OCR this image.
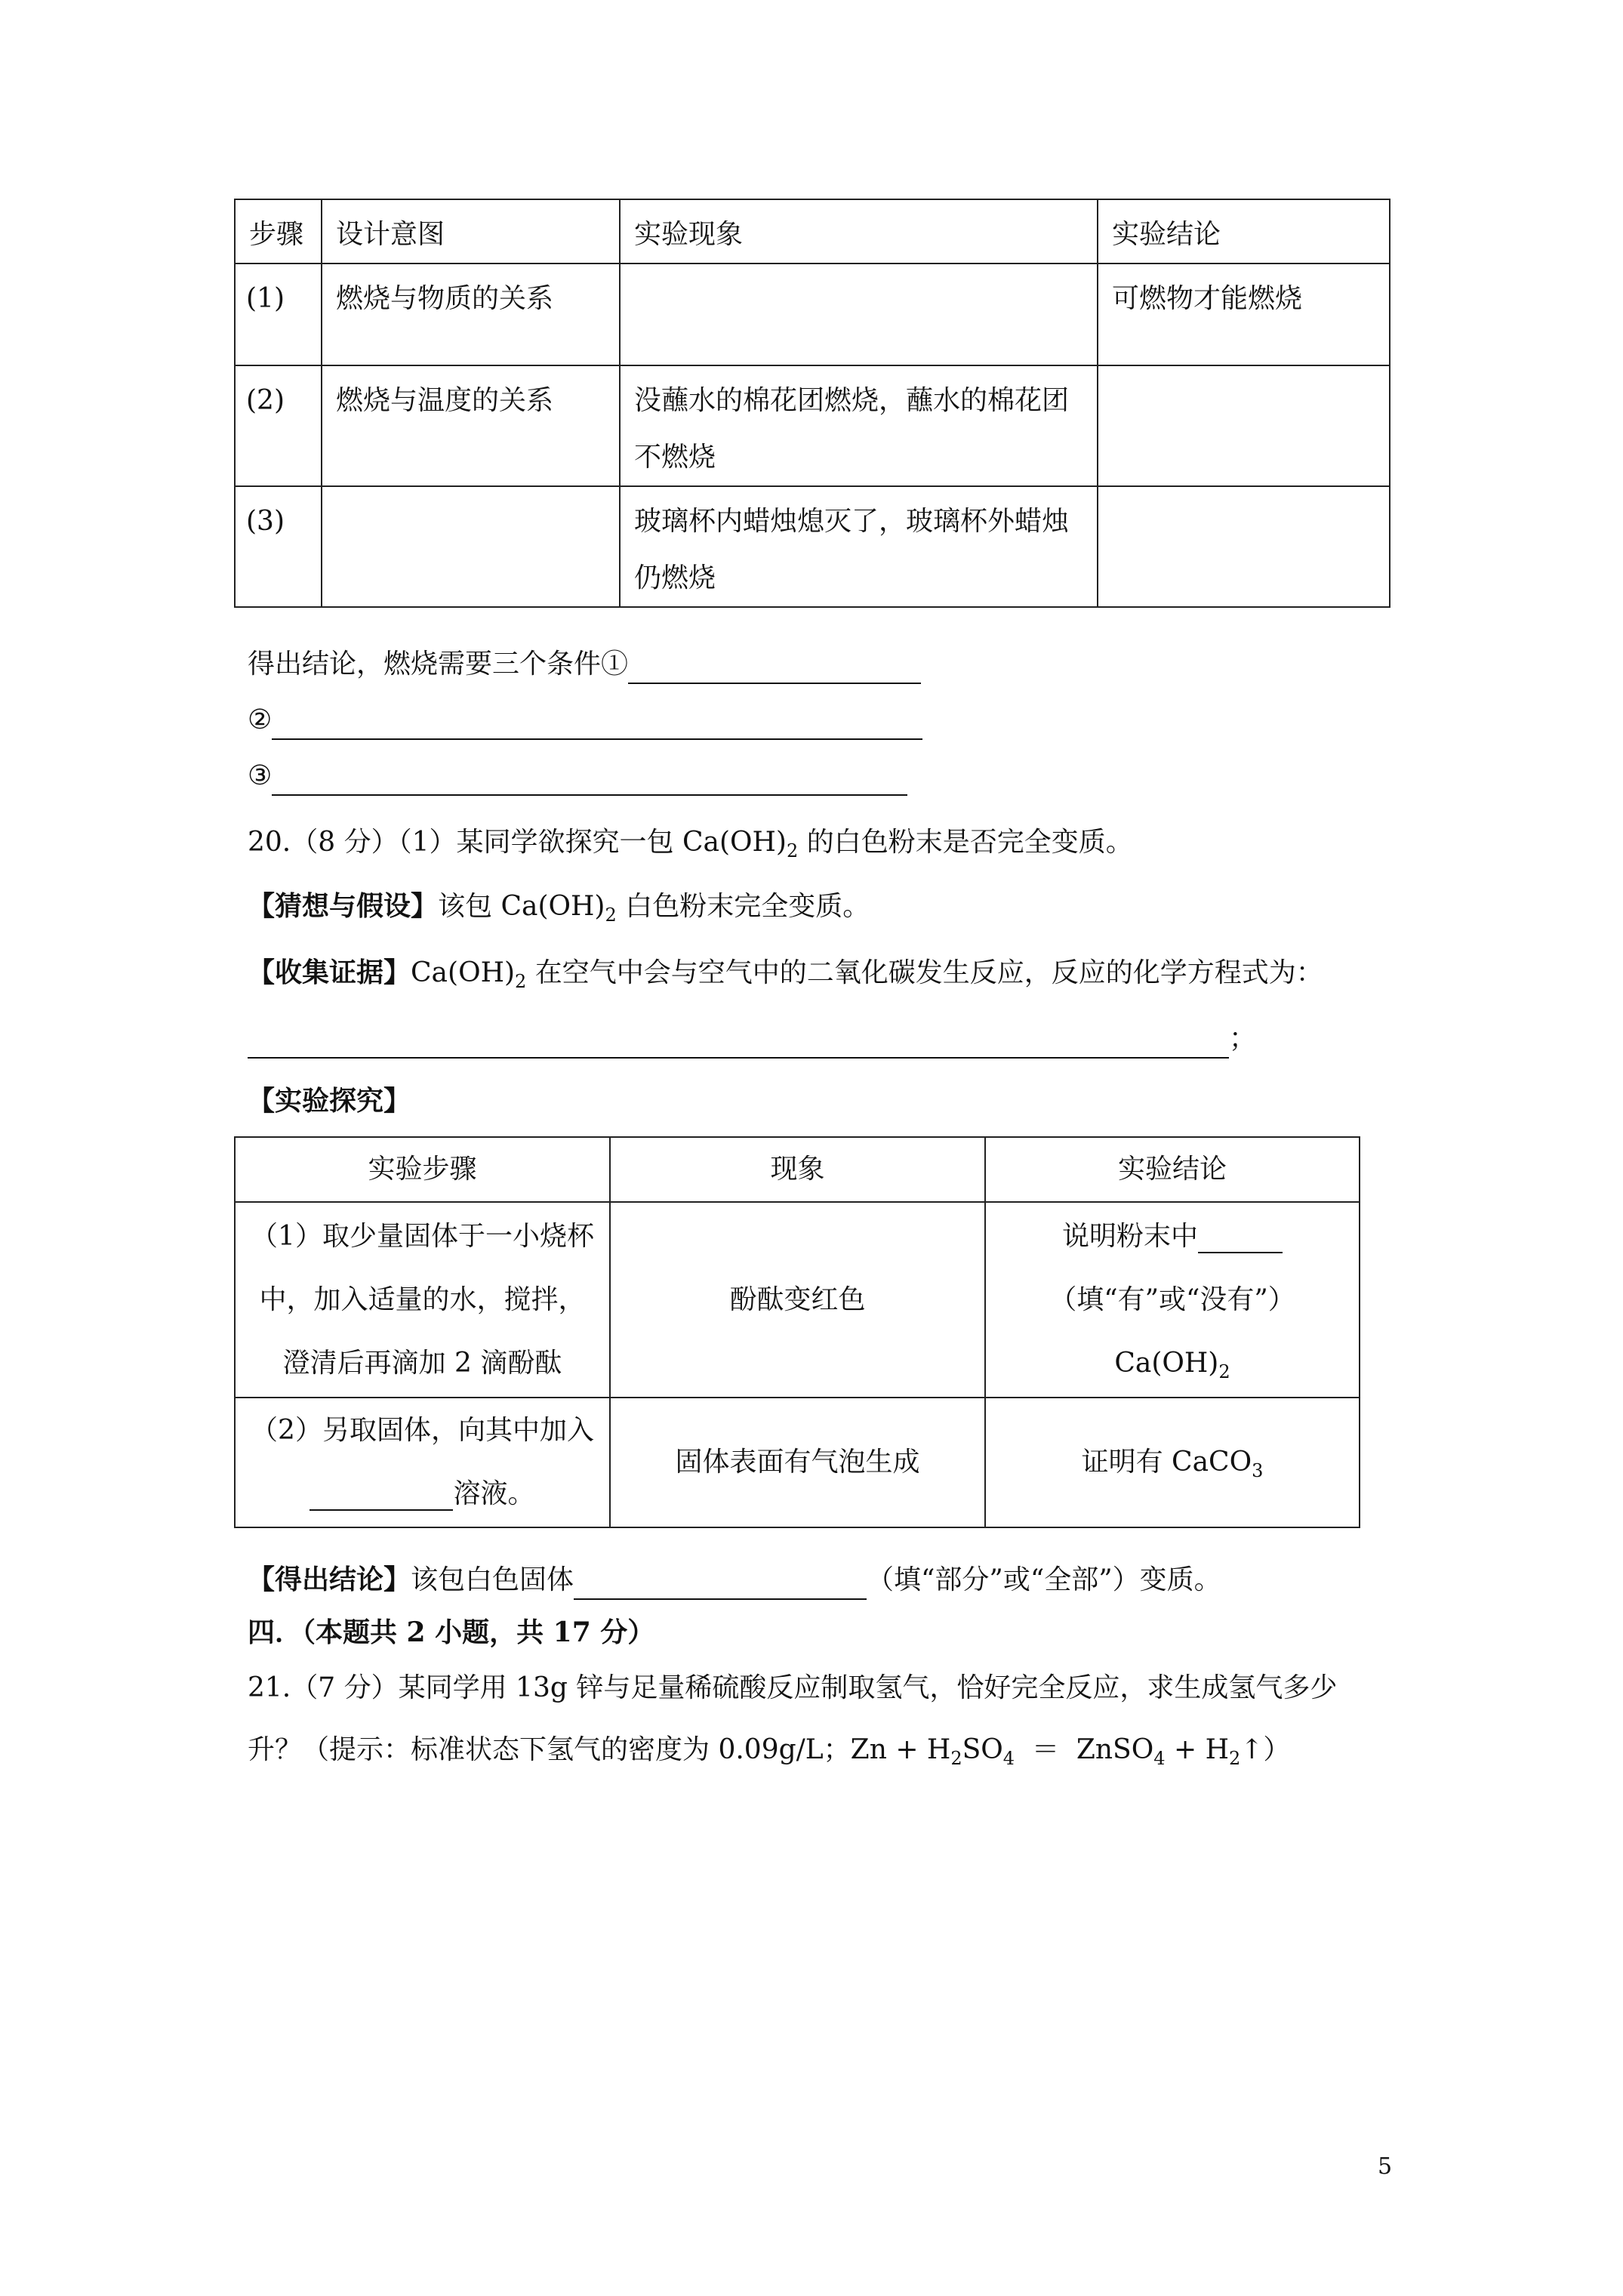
步骤	设计意图	实验现象	实验结论
(1)	燃烧与物质的关系		可燃物才能燃烧
(2)	燃烧与温度的关系	没蘸水的棉花团燃烧，蘸水的棉花团不燃烧	
(3)		玻璃杯内蜡烛熄灭了，玻璃杯外蜡烛仍燃烧	
得出结论，燃烧需要三个条件①
②
③
20.（8 分）（1）某同学欲探究一包 $Ca(OH)_2$ 的白色粉末是否完全变质。
【猜想与假设】该包 $Ca(OH)_2$ 白色粉末完全变质。
【收集证据】$Ca(OH)_2$ 在空气中会与空气中的二氧化碳发生反应，反应的化学方程式为：
；
【实验探究】
实验步骤	现象	实验结论
（1）取少量固体于一小烧杯中，加入适量的水，搅拌，澄清后再滴加 2 滴酚酞	酚酞变红色	说明粉末中 （填“有”或“没有”） $Ca(OH)_2$
（2）另取固体，向其中加入 溶液。	固体表面有气泡生成	证明有 CaCO$_3$
【得出结论】该包白色固体	（填“部分”或“全部”）变质。
四．（本题共 2 小题，共 17 分）
21.（7 分）某同学用 13g 锌与足量稀硫酸反应制取氢气，恰好完全反应，求生成氢气多少
升？（提示：标准状态下氢气的密度为 0.09g/L；$Zn + H_2SO_4$  ＝  ZnSO$_4$ + $H_2↑$）
5
